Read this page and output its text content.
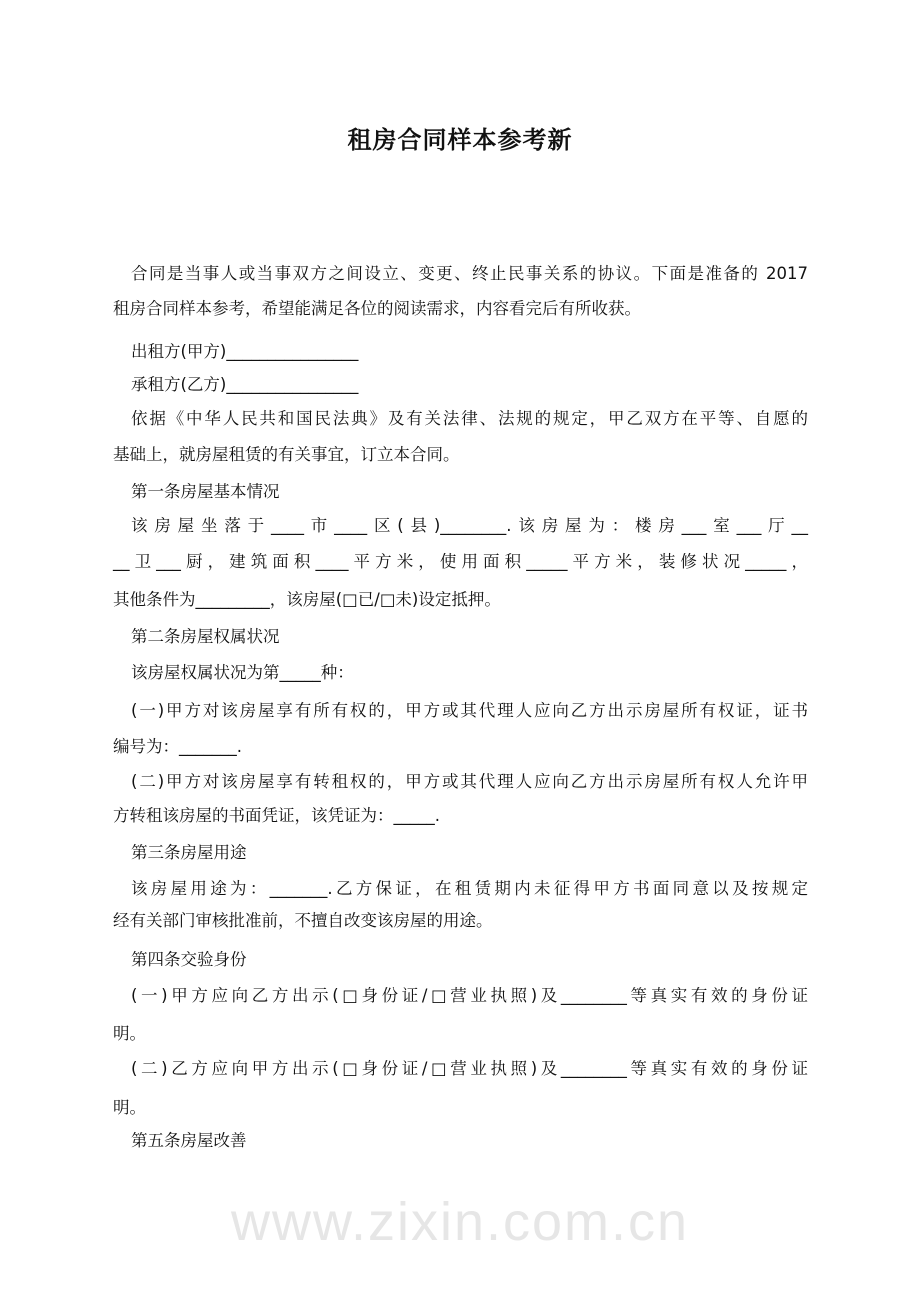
www.zixin.com.cn
租房合同样本参考新
合同是当事人或当事双方之间设立、变更、终止民事关系的协议。下面是准备的 2017
租房合同样本参考，希望能满足各位的阅读需求，内容看完后有所收获。
出租方(甲方)________________
承租方(乙方)________________
依据《中华人民共和国民法典》及有关法律、法规的规定，甲乙双方在平等、自愿的
基础上，就房屋租赁的有关事宜，订立本合同。
第一条房屋基本情况
该房屋坐落于____市____区(县)________.该房屋为：楼房___室___厅__
__卫___厨，建筑面积____平方米，使用面积_____平方米，装修状况_____，
其他条件为_________，该房屋(□已/□未)设定抵押。
第二条房屋权属状况
该房屋权属状况为第_____种：
(一)甲方对该房屋享有所有权的，甲方或其代理人应向乙方出示房屋所有权证，证书
编号为：_______.
(二)甲方对该房屋享有转租权的，甲方或其代理人应向乙方出示房屋所有权人允许甲
方转租该房屋的书面凭证，该凭证为：_____.
第三条房屋用途
该房屋用途为：_______.乙方保证，在租赁期内未征得甲方书面同意以及按规定
经有关部门审核批准前，不擅自改变该房屋的用途。
第四条交验身份
(一)甲方应向乙方出示(□身份证/□营业执照)及________等真实有效的身份证
明。
(二)乙方应向甲方出示(□身份证/□营业执照)及________等真实有效的身份证
明。
第五条房屋改善
